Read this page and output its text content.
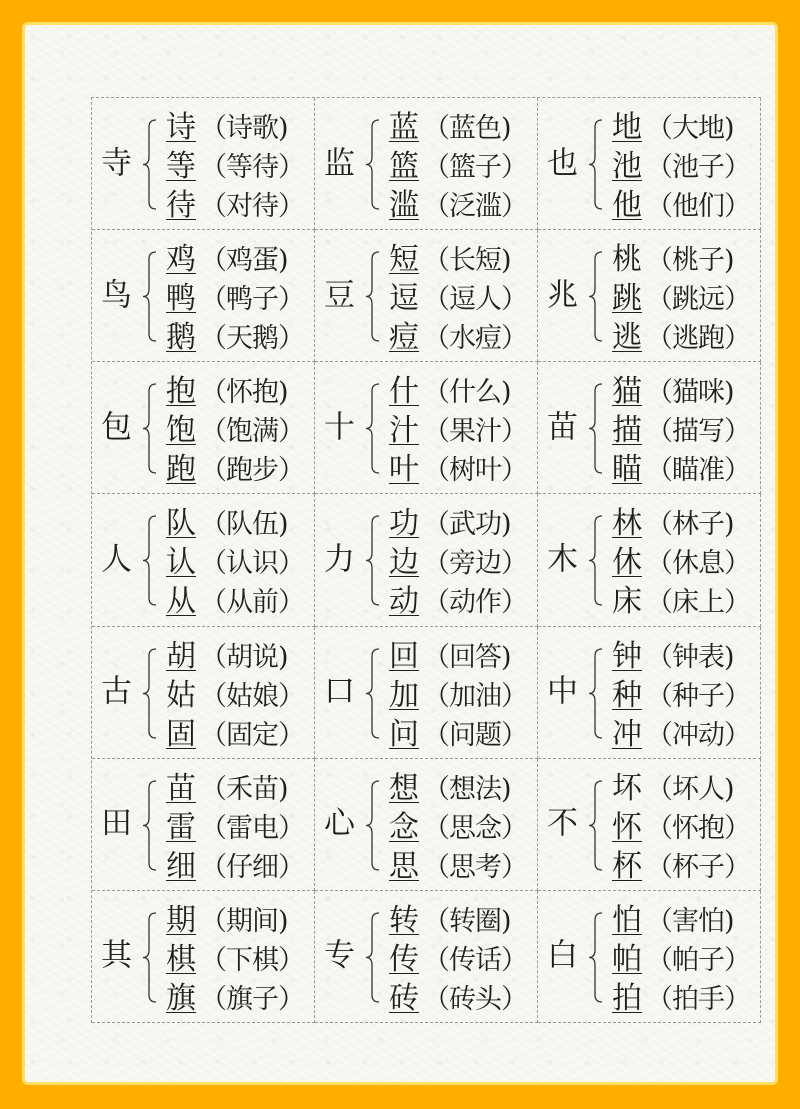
寺
诗 （诗歌)
等 （等待）
待 （对待）
监
蓝 （蓝色)
篮 （篮子）
滥 （泛滥）
也
地 （大地)
池 （池子）
他 （他们）
鸟
鸡 （鸡蛋)
鸭 （鸭子）
鹅 （天鹅）
豆
短 （长短)
逗 （逗人）
痘 （水痘）
兆
桃 （桃子)
跳 （跳远）
逃 （逃跑）
包
抱 （怀抱)
饱 （饱满）
跑 （跑步）
十
什 （什么)
汁 （果汁）
叶 （树叶）
苗
猫 （猫咪)
描 （描写）
瞄 （瞄准）
人
队 （队伍)
认 （认识）
从 （从前）
力
功 （武功)
边 （旁边）
动 （动作）
木
林 （林子)
休 （休息）
床 （床上）
古
胡 （胡说)
姑 （姑娘）
固 （固定）
口
回 （回答)
加 （加油）
问 （问题）
中
钟 （钟表)
种 （种子）
冲 （冲动）
田
苗 （禾苗)
雷 （雷电）
细 （仔细）
心
想 （想法)
念 （思念）
思 （思考）
不
坏 （坏人)
怀 （怀抱）
杯 （杯子）
其
期 （期间)
棋 （下棋）
旗 （旗子）
专
转 （转圈)
传 （传话）
砖 （砖头）
白
怕 （害怕)
帕 （帕子）
拍 （拍手）
